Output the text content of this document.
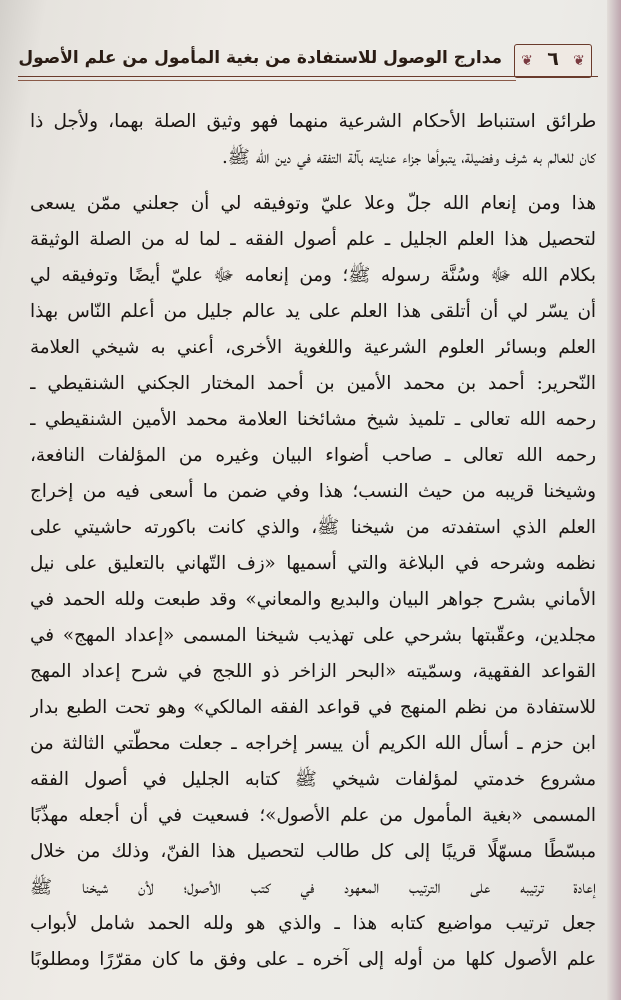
مدارج الوصول للاستفادة من بغية المأمول من علم الأصول ❦ ٦	❦
طرائق استنباط الأحكام الشرعية منهما فهو وثيق الصلة بهما، ولأجل ذا
كان للعالم به شرف وفضيلة، يتبوأها جزاء عنايته بآلة التفقه في دين الله ﷺ.
هذا ومن إنعام الله جلّ وعلا عليّ وتوفيقه لي أن جعلني ممّن يسعى
لتحصيل هذا العلم الجليل ـ علم أصول الفقه ـ لما له من الصلة الوثيقة
بكلام الله ﷻ وسُنَّة رسوله ﷺ؛ ومن إنعامه ﷻ عليّ أيضًا وتوفيقه لي
أن يسّر لي أن أتلقى هذا العلم على يد عالم جليل من أعلم النّاس بهذا
العلم وبسائر العلوم الشرعية واللغوية الأخرى، أعني به شيخي العلامة
النّحرير: أحمد بن محمد الأمين بن أحمد المختار الجكني الشنقيطي ـ
رحمه الله تعالى ـ تلميذ شيخ مشائخنا العلامة محمد الأمين الشنقيطي ـ
رحمه الله تعالى ـ صاحب أضواء البيان وغيره من المؤلفات النافعة،
وشيخنا قريبه من حيث النسب؛ هذا وفي ضمن ما أسعى فيه من إخراج
العلم الذي استفدته من شيخنا ﷺ، والذي كانت باكورته حاشيتي على
نظمه وشرحه في البلاغة والتي أسميها «زف التّهاني بالتعليق على نيل
الأماني بشرح جواهر البيان والبديع والمعاني» وقد طبعت ولله الحمد في
مجلدين، وعقّبتها بشرحي على تهذيب شيخنا المسمى «إعداد المهج» في
القواعد الفقهية، وسمّيته «البحر الزاخر ذو اللجج في شرح إعداد المهج
للاستفادة من نظم المنهج في قواعد الفقه المالكي» وهو تحت الطبع بدار
ابن حزم ـ أسأل الله الكريم أن ييسر إخراجه ـ جعلت محطّتي الثالثة من
مشروع خدمتي لمؤلفات شيخي ﷺ كتابه الجليل في أصول الفقه
المسمى «بغية المأمول من علم الأصول»؛ فسعيت في أن أجعله مهذّبًا
مبسّطًا مسهّلًا قريبًا إلى كل طالب لتحصيل هذا الفنّ، وذلك من خلال
إعادة ترتيبه على الترتيب المعهود في كتب الأصول؛ لأن شيخنا ﷺ
جعل ترتيب مواضيع كتابه هذا ـ والذي هو ولله الحمد شامل لأبواب
علم الأصول كلها من أوله إلى آخره ـ على وفق ما كان مقرّرًا ومطلوبًا
